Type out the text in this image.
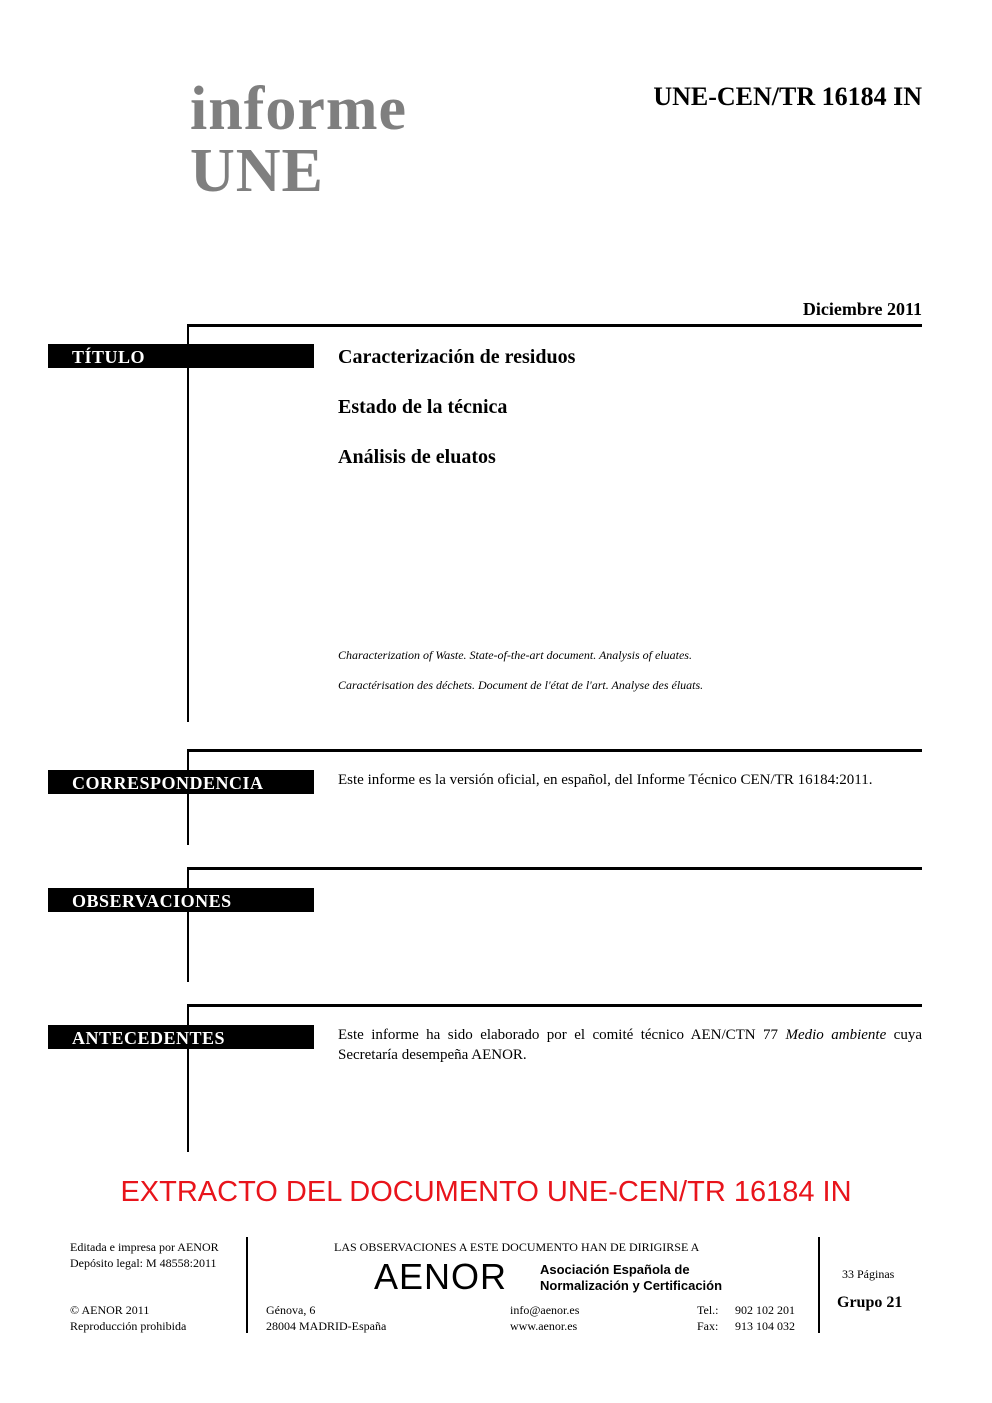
informe
UNE
UNE-CEN/TR 16184 IN
Diciembre 2011
TÍTULO	Caracterización de residuos
Estado de la técnica
Análisis de eluatos
Characterization of Waste. State-of-the-art document. Analysis of eluates.
Caractérisation des déchets. Document de l'état de l'art. Analyse des éluats.
CORRESPONDENCIA	Este informe es la versión oficial, en español, del Informe Técnico CEN/TR 16184:2011.
OBSERVACIONES
ANTECEDENTES	Este informe ha sido elaborado por el comité técnico AEN/CTN 77 Medio ambiente cuya Secretaría desempeña AENOR.
EXTRACTO DEL DOCUMENTO UNE-CEN/TR 16184 IN
Editada e impresa por AENOR
Depósito legal: M 48558:2011
© AENOR 2011
Reproducción prohibida
LAS OBSERVACIONES A ESTE DOCUMENTO HAN DE DIRIGIRSE A
AENOR	Asociación Española de
Normalización y Certificación
Génova, 6
28004 MADRID-España
info@aenor.es
www.aenor.es
Tel.: 902 102 201
Fax: 913 104 032
33 Páginas
Grupo 21
